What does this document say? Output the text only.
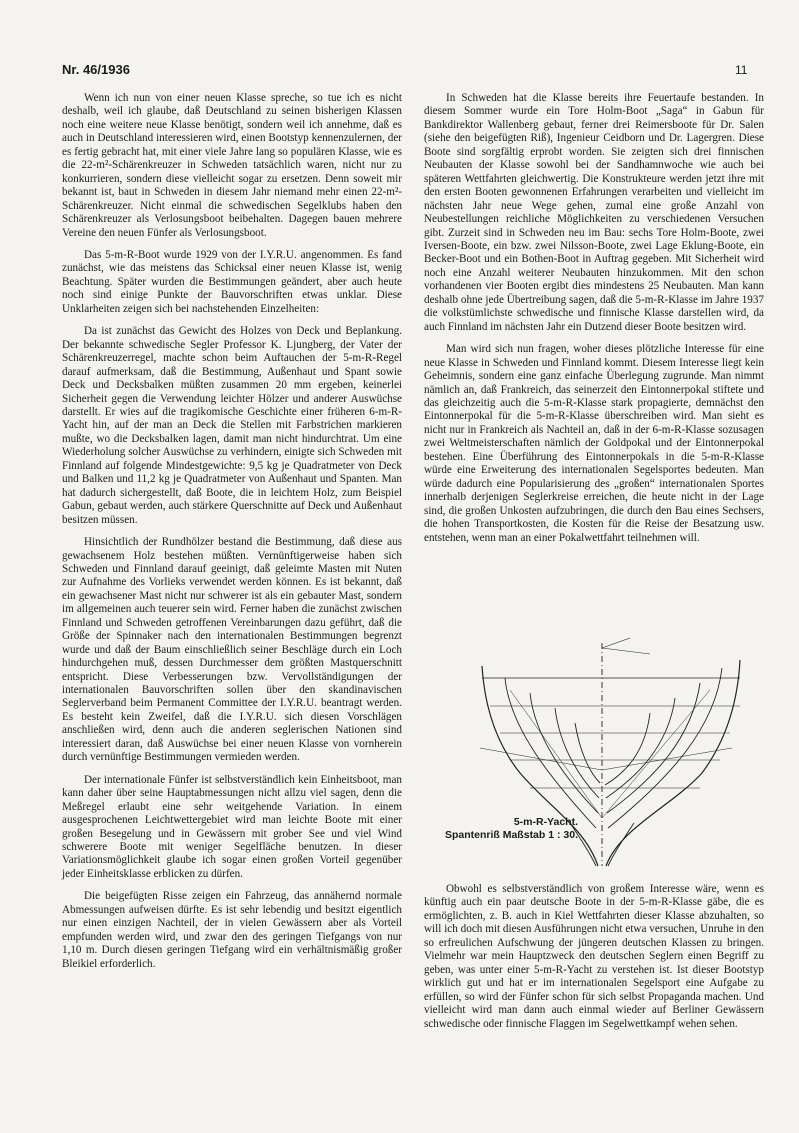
Nr. 46/1936	11

Wenn ich nun von einer neuen Klasse spreche, so tue ich es nicht deshalb, weil ich glaube, daß Deutschland zu seinen bisherigen Klassen noch eine weitere neue Klasse benötigt, sondern weil ich annehme, daß es auch in Deutschland interessieren wird, einen Bootstyp kennenzulernen, der es fertig gebracht hat, mit einer viele Jahre lang so populären Klasse, wie es die 22-m²-Schärenkreuzer in Schweden tatsächlich waren, nicht nur zu konkurrieren, sondern diese vielleicht sogar zu ersetzen. Denn soweit mir bekannt ist, baut in Schweden in diesem Jahr niemand mehr einen 22-m²-Schärenkreuzer. Nicht einmal die schwedischen Segelklubs haben den Schärenkreuzer als Verlosungsboot beibehalten. Dagegen bauen mehrere Vereine den neuen Fünfer als Verlosungsboot.

Das 5-m-R-Boot wurde 1929 von der I.Y.R.U. angenommen. Es fand zunächst, wie das meistens das Schicksal einer neuen Klasse ist, wenig Beachtung. Später wurden die Bestimmungen geändert, aber auch heute noch sind einige Punkte der Bauvorschriften etwas unklar. Diese Unklarheiten zeigen sich bei nachstehenden Einzelheiten:

Da ist zunächst das Gewicht des Holzes von Deck und Beplankung. Der bekannte schwedische Segler Professor K. Ljungberg, der Vater der Schärenkreuzerregel, machte schon beim Auftauchen der 5-m-R-Regel darauf aufmerksam, daß die Bestimmung, Außenhaut und Spant sowie Deck und Decksbalken müßten zusammen 20 mm ergeben, keinerlei Sicherheit gegen die Verwendung leichter Hölzer und anderer Auswüchse darstellt. Er wies auf die tragikomische Geschichte einer früheren 6-m-R-Yacht hin, auf der man an Deck die Stellen mit Farbstrichen markieren mußte, wo die Decksbalken lagen, damit man nicht hindurchtrat. Um eine Wiederholung solcher Auswüchse zu verhindern, einigte sich Schweden mit Finnland auf folgende Mindestgewichte: 9,5 kg je Quadratmeter von Deck und Balken und 11,2 kg je Quadratmeter von Außenhaut und Spanten. Man hat dadurch sichergestellt, daß Boote, die in leichtem Holz, zum Beispiel Gabun, gebaut werden, auch stärkere Querschnitte auf Deck und Außenhaut besitzen müssen.

Hinsichtlich der Rundhölzer bestand die Bestimmung, daß diese aus gewachsenem Holz bestehen müßten. Vernünftigerweise haben sich Schweden und Finnland darauf geeinigt, daß geleimte Masten mit Nuten zur Aufnahme des Vorlieks verwendet werden können. Es ist bekannt, daß ein gewachsener Mast nicht nur schwerer ist als ein gebauter Mast, sondern im allgemeinen auch teuerer sein wird. Ferner haben die zunächst zwischen Finnland und Schweden getroffenen Vereinbarungen dazu geführt, daß die Größe der Spinnaker nach den internationalen Bestimmungen begrenzt wurde und daß der Baum einschließlich seiner Beschläge durch ein Loch hindurchgehen muß, dessen Durchmesser dem größten Mastquerschnitt entspricht. Diese Verbesserungen bzw. Vervollständigungen der internationalen Bauvorschriften sollen über den skandinavischen Seglerverband beim Permanent Committee der I.Y.R.U. beantragt werden. Es besteht kein Zweifel, daß die I.Y.R.U. sich diesen Vorschlägen anschließen wird, denn auch die anderen seglerischen Nationen sind interessiert daran, daß Auswüchse bei einer neuen Klasse von vornherein durch vernünftige Bestimmungen vermieden werden.

Der internationale Fünfer ist selbstverständlich kein Einheitsboot, man kann daher über seine Hauptabmessungen nicht allzu viel sagen, denn die Meßregel erlaubt eine sehr weitgehende Variation. In einem ausgesprochenen Leichtwettergebiet wird man leichte Boote mit einer großen Besegelung und in Gewässern mit grober See und viel Wind schwerere Boote mit weniger Segelfläche benutzen. In dieser Variationsmöglichkeit glaube ich sogar einen großen Vorteil gegenüber jeder Einheitsklasse erblicken zu dürfen.

Die beigefügten Risse zeigen ein Fahrzeug, das annähernd normale Abmessungen aufweisen dürfte. Es ist sehr lebendig und besitzt eigentlich nur einen einzigen Nachteil, der in vielen Gewässern aber als Vorteil empfunden werden wird, und zwar den des geringen Tiefgangs von nur 1,10 m. Durch diesen geringen Tiefgang wird ein verhältnismäßig großer Bleikiel erforderlich.

In Schweden hat die Klasse bereits ihre Feuertaufe bestanden. In diesem Sommer wurde ein Tore Holm-Boot „Saga“ in Gabun für Bankdirektor Wallenberg gebaut, ferner drei Reimersboote für Dr. Salen (siehe den beigefügten Riß), Ingenieur Ceidborn und Dr. Lagergren. Diese Boote sind sorgfältig erprobt worden. Sie zeigten sich drei finnischen Neubauten der Klasse sowohl bei der Sandhamnwoche wie auch bei späteren Wettfahrten gleichwertig. Die Konstrukteure werden jetzt ihre mit den ersten Booten gewonnenen Erfahrungen verarbeiten und vielleicht im nächsten Jahr neue Wege gehen, zumal eine große Anzahl von Neubestellungen reichliche Möglichkeiten zu verschiedenen Versuchen gibt. Zurzeit sind in Schweden neu im Bau: sechs Tore Holm-Boote, zwei Iversen-Boote, ein bzw. zwei Nilsson-Boote, zwei Lage Eklung-Boote, ein Becker-Boot und ein Bothen-Boot in Auftrag gegeben. Mit Sicherheit wird noch eine Anzahl weiterer Neubauten hinzukommen. Mit den schon vorhandenen vier Booten ergibt dies mindestens 25 Neubauten. Man kann deshalb ohne jede Übertreibung sagen, daß die 5-m-R-Klasse im Jahre 1937 die volkstümlichste schwedische und finnische Klasse darstellen wird, da auch Finnland im nächsten Jahr ein Dutzend dieser Boote besitzen wird.

Man wird sich nun fragen, woher dieses plötzliche Interesse für eine neue Klasse in Schweden und Finnland kommt. Diesem Interesse liegt kein Geheimnis, sondern eine ganz einfache Überlegung zugrunde. Man nimmt nämlich an, daß Frankreich, das seinerzeit den Eintonnerpokal stiftete und das gleichzeitig auch die 5-m-R-Klasse stark propagierte, demnächst den Eintonnerpokal für die 5-m-R-Klasse überschreiben wird. Man sieht es nicht nur in Frankreich als Nachteil an, daß in der 6-m-R-Klasse sozusagen zwei Weltmeisterschaften nämlich der Goldpokal und der Eintonnerpokal bestehen. Eine Überführung des Eintonnerpokals in die 5-m-R-Klasse würde eine Erweiterung des internationalen Segelsportes bedeuten. Man würde dadurch eine Popularisierung des „großen“ internationalen Sportes innerhalb derjenigen Seglerkreise erreichen, die heute nicht in der Lage sind, die großen Unkosten aufzubringen, die durch den Bau eines Sechsers, die hohen Transportkosten, die Kosten für die Reise der Besatzung usw. entstehen, wenn man an einer Pokalwettfahrt teilnehmen will.

5-m-R-Yacht.
Spantenriß Maßstab 1 : 30.

Obwohl es selbstverständlich von großem Interesse wäre, wenn es künftig auch ein paar deutsche Boote in der 5-m-R-Klasse gäbe, die es ermöglichten, z. B. auch in Kiel Wettfahrten dieser Klasse abzuhalten, so will ich doch mit diesen Ausführungen nicht etwa versuchen, Unruhe in den so erfreulichen Aufschwung der jüngeren deutschen Klassen zu bringen. Vielmehr war mein Hauptzweck den deutschen Seglern einen Begriff zu geben, was unter einer 5-m-R-Yacht zu verstehen ist. Ist dieser Bootstyp wirklich gut und hat er im internationalen Segelsport eine Aufgabe zu erfüllen, so wird der Fünfer schon für sich selbst Propaganda machen. Und vielleicht wird man dann auch einmal wieder auf Berliner Gewässern schwedische oder finnische Flaggen im Segelwettkampf wehen sehen.
